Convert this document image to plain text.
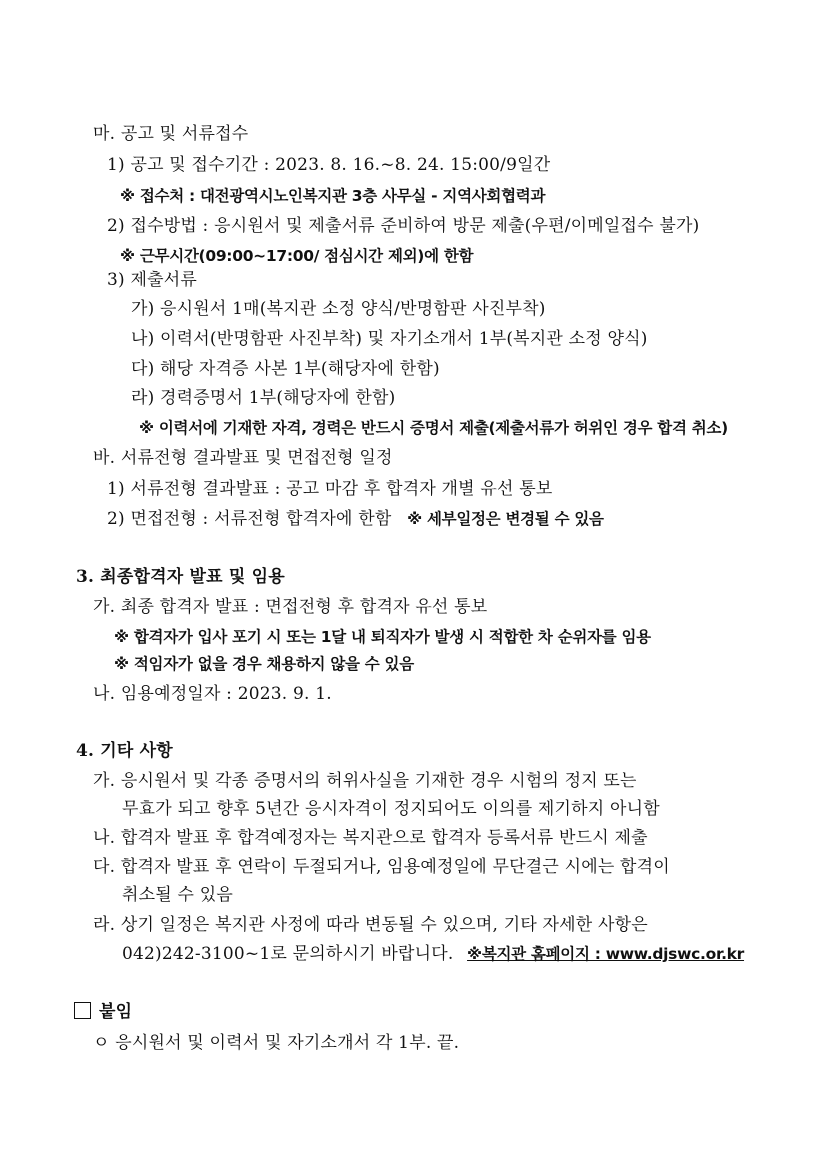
마. 공고 및 서류접수
1) 공고 및 접수기간 : 2023. 8. 16.~8. 24. 15:00/9일간
※ 접수처 : 대전광역시노인복지관 3층 사무실 - 지역사회협력과
2) 접수방법 : 응시원서 및 제출서류 준비하여 방문 제출(우편/이메일접수 불가)
※ 근무시간(09:00~17:00/ 점심시간 제외)에 한함
3) 제출서류
가) 응시원서 1매(복지관 소정 양식/반명함판 사진부착)
나) 이력서(반명함판 사진부착) 및 자기소개서 1부(복지관 소정 양식)
다) 해당 자격증 사본 1부(해당자에 한함)
라) 경력증명서 1부(해당자에 한함)
※ 이력서에 기재한 자격, 경력은 반드시 증명서 제출(제출서류가 허위인 경우 합격 취소)
바. 서류전형 결과발표 및 면접전형 일정
1) 서류전형 결과발표 : 공고 마감 후 합격자 개별 유선 통보
2) 면접전형 : 서류전형 합격자에 한함 ※ 세부일정은 변경될 수 있음
3. 최종합격자 발표 및 임용
가. 최종 합격자 발표 : 면접전형 후 합격자 유선 통보
※ 합격자가 입사 포기 시 또는 1달 내 퇴직자가 발생 시 적합한 차 순위자를 임용
※ 적임자가 없을 경우 채용하지 않을 수 있음
나. 임용예정일자 : 2023. 9. 1.
4. 기타 사항
가. 응시원서 및 각종 증명서의 허위사실을 기재한 경우 시험의 정지 또는
무효가 되고 향후 5년간 응시자격이 정지되어도 이의를 제기하지 아니함
나. 합격자 발표 후 합격예정자는 복지관으로 합격자 등록서류 반드시 제출
다. 합격자 발표 후 연락이 두절되거나, 임용예정일에 무단결근 시에는 합격이
취소될 수 있음
라. 상기 일정은 복지관 사정에 따라 변동될 수 있으며, 기타 자세한 사항은
042)242-3100~1로 문의하시기 바랍니다. ※복지관 홈페이지 : www.djswc.or.kr
붙임
ㅇ 응시원서 및 이력서 및 자기소개서 각 1부. 끝.
